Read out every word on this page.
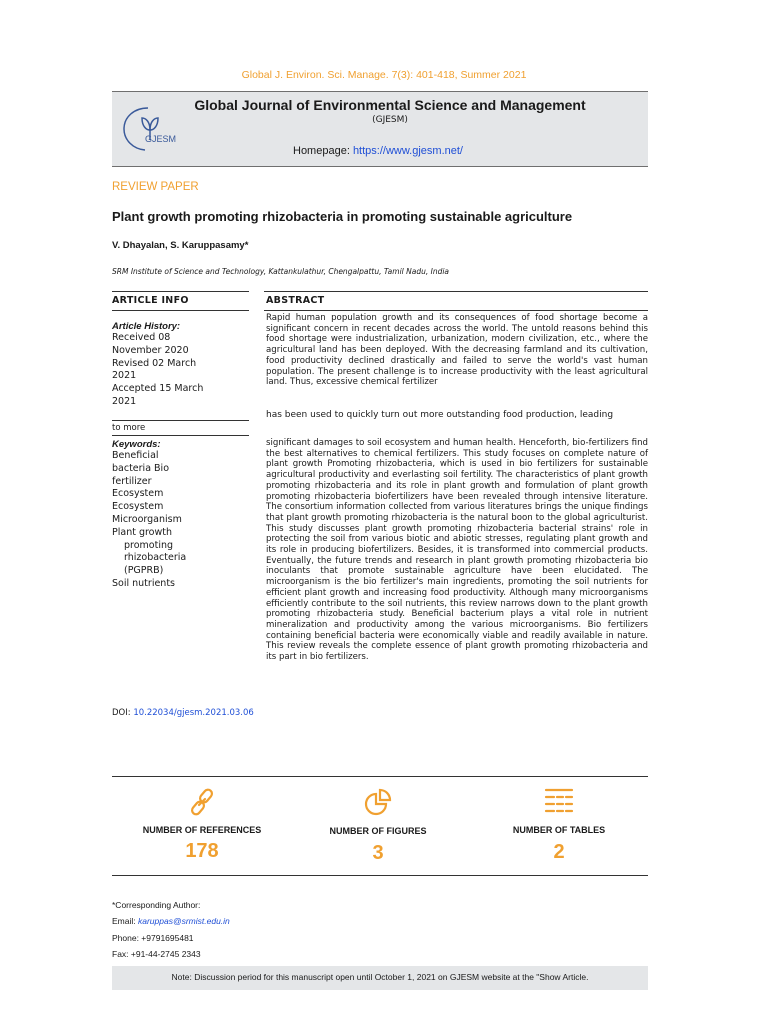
Global J. Environ. Sci. Manage. 7(3): 401-418, Summer 2021
GJESM
Global Journal of Environmental Science and Management
(GJESM)
Homepage: https://www.gjesm.net/
REVIEW PAPER
Plant growth promoting rhizobacteria in promoting sustainable agriculture
V. Dhayalan, S. Karuppasamy*
SRM Institute of Science and Technology, Kattankulathur, Chengalpattu, Tamil Nadu, India
ARTICLE INFO	ABSTRACT
Article History:
Received 08
November 2020
Revised 02 March
2021
Accepted 15 March
2021
to more
Keywords:
Beneficial
bacteria Bio
fertilizer
Ecosystem
Ecosystem
Microorganism
Plant growth
promoting
rhizobacteria
(PGPRB)
Soil nutrients
DOI: 10.22034/gjesm.2021.03.06
Rapid human population growth and its consequences of food shortage become a significant concern in recent decades across the world. The untold reasons behind this food shortage were industrialization, urbanization, modern civilization, etc., where the agricultural land has been deployed. With the decreasing farmland and its cultivation, food productivity declined drastically and failed to serve the world's vast human population. The present challenge is to increase productivity with the least agricultural land. Thus, excessive chemical fertilizer
has been used to quickly turn out more outstanding food production, leading
significant damages to soil ecosystem and human health. Henceforth, bio-fertilizers find the best alternatives to chemical fertilizers. This study focuses on complete nature of plant growth Promoting rhizobacteria, which is used in bio fertilizers for sustainable agricultural productivity and everlasting soil fertility. The characteristics of plant growth promoting rhizobacteria and its role in plant growth and formulation of plant growth promoting rhizobacteria biofertilizers have been revealed through intensive literature. The consortium information collected from various literatures brings the unique findings that plant growth promoting rhizobacteria is the natural boon to the global agriculturist. This study discusses plant growth promoting rhizobacteria bacterial strains' role in protecting the soil from various biotic and abiotic stresses, regulating plant growth and its role in producing biofertilizers. Besides, it is transformed into commercial products. Eventually, the future trends and research in plant growth promoting rhizobacteria bio inoculants that promote sustainable agriculture have been elucidated. The microorganism is the bio fertilizer's main ingredients, promoting the soil nutrients for efficient plant growth and increasing food productivity. Although many microorganisms efficiently contribute to the soil nutrients, this review narrows down to the plant growth promoting rhizobacteria study. Beneficial bacterium plays a vital role in nutrient mineralization and productivity among the various microorganisms. Bio fertilizers containing beneficial bacteria were economically viable and readily available in nature. This review reveals the complete essence of plant growth promoting rhizobacteria and its part in bio fertilizers.
NUMBER OF REFERENCES
178
NUMBER OF FIGURES
3
NUMBER OF TABLES
2
*Corresponding Author:
Email: karuppas@srmist.edu.in
Phone: +9791695481
Fax: +91-44-2745 2343
Note: Discussion period for this manuscript open until October 1, 2021 on GJESM website at the "Show Article.
